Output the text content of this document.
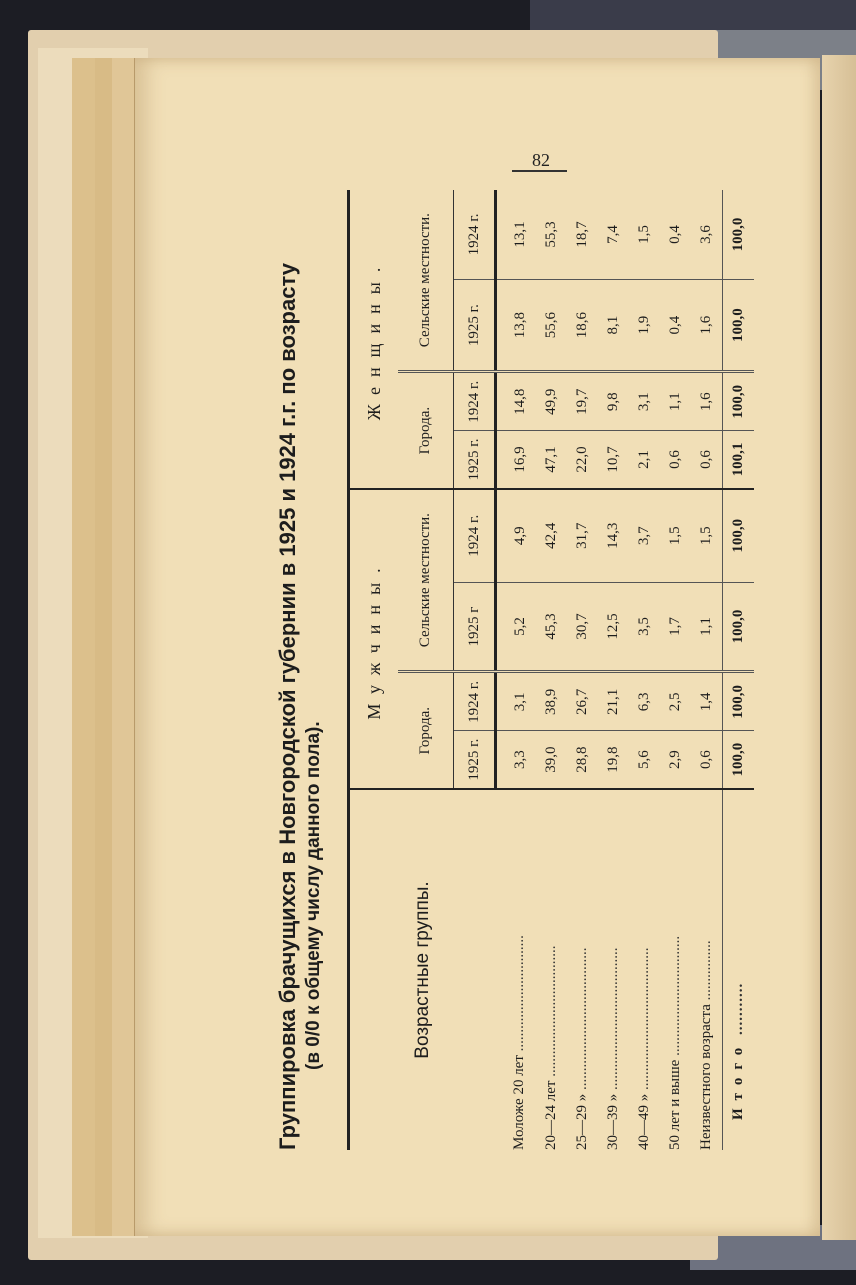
82
Группировка брачущихся в Новгородской губернии в 1925 и 1924 г.г. по возрасту (в 0/0 к общему числу данного пола).	Возрастные группы.	Мужчины.				Женщины.			
	Города.		Сельские местности.		Города.		Сельские местности.	
	1925 г.	1924 г.	1925 г	1924 г.	1925 г.	1924 г.	1925 г.	1924 г.
Моложе 20 лет ...............................	3,3	3,1	5,2	4,9	16,9	14,8	13,8	13,1
20—24 лет ...................................	39,0	38,9	45,3	42,4	47,1	49,9	55,6	55,3
25—29 » ......................................	28,8	26,7	30,7	31,7	22,0	19,7	18,6	18,7
30—39 » ......................................	19,8	21,1	12,5	14,3	10,7	9,8	8,1	7,4
40—49 » ......................................	5,6	6,3	3,5	3,7	2,1	3,1	1,9	1,5
50 лет и выше ................................	2,9	2,5	1,7	1,5	0,6	1,1	0,4	0,4
Неизвестного возраста ................	0,6	1,4	1,1	1,5	0,6	1,6	1,6	3,6
Итого ...........	100,0	100,0	100,0	100,0	100,1	100,0	100,0	100,0
